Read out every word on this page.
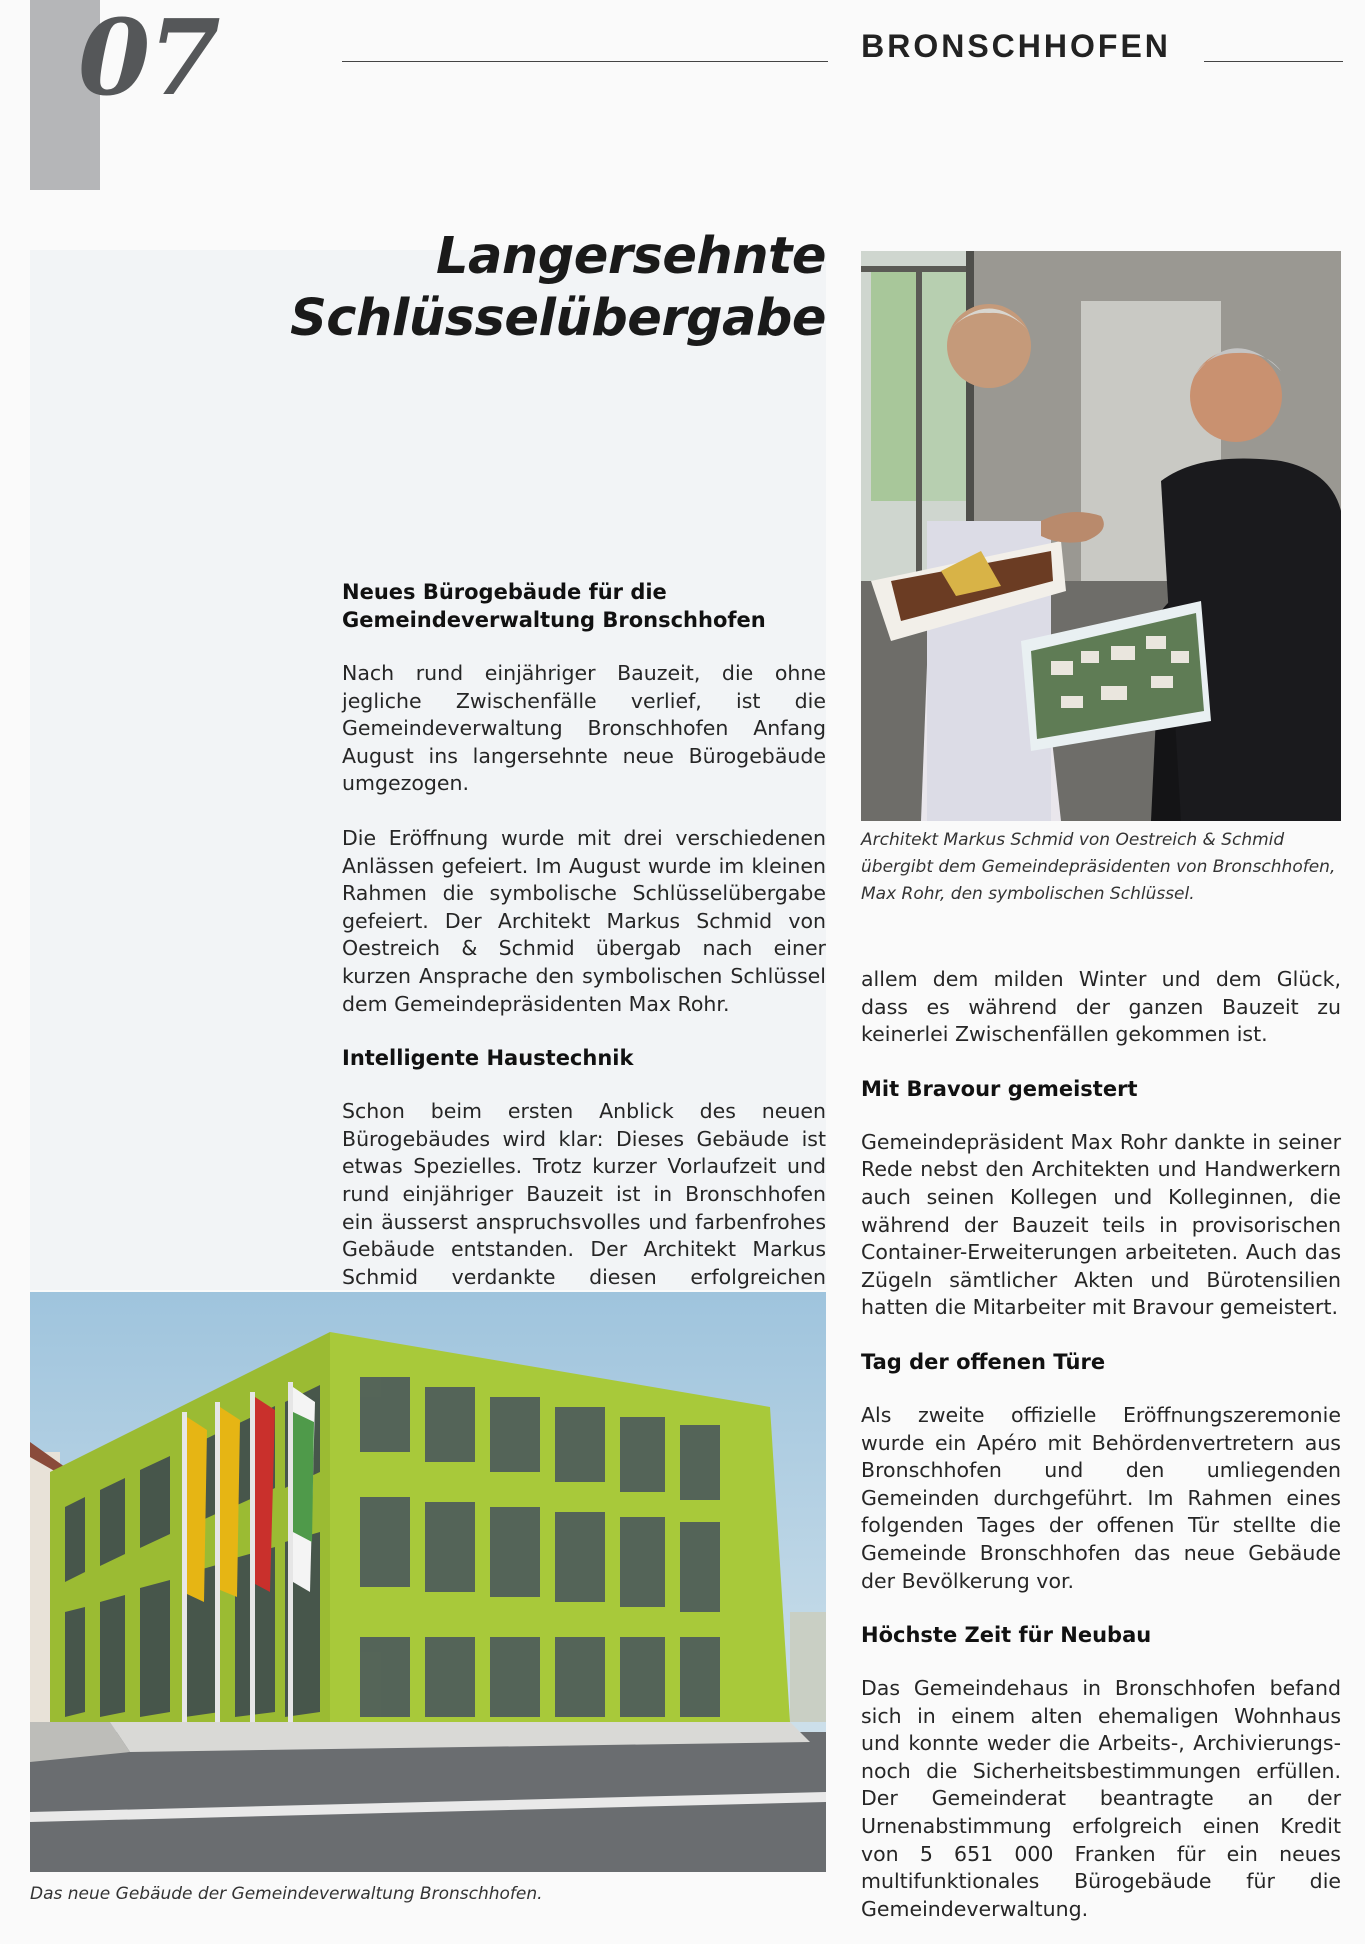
07	BRONSCHHOFEN
Langersehnte
Schlüsselübergabe
Neues Bürogebäude für die
Gemeindeverwaltung Bronschhofen

Nach rund einjähriger Bauzeit, die ohne jegliche Zwischenfälle verlief, ist die Gemeindeverwaltung Bronschhofen Anfang August ins langersehnte neue Bürogebäude umgezogen.

Die Eröffnung wurde mit drei verschiedenen Anlässen gefeiert. Im August wurde im kleinen Rahmen die symbolische Schlüsselübergabe gefeiert. Der Architekt Markus Schmid von Oestreich & Schmid übergab nach einer kurzen Ansprache den symbolischen Schlüssel dem Gemeindepräsidenten Max Rohr.

Intelligente Haustechnik

Schon beim ersten Anblick des neuen Bürogebäudes wird klar: Dieses Gebäude ist etwas Spezielles. Trotz kurzer Vorlaufzeit und rund einjähriger Bauzeit ist in Bronschhofen ein äusserst anspruchsvolles und farbenfrohes Gebäude entstanden. Der Architekt Markus Schmid verdankte diesen erfolgreichen

allem dem milden Winter und dem Glück, dass es während der ganzen Bauzeit zu keinerlei Zwischenfällen gekommen ist.

Mit Bravour gemeistert

Gemeindepräsident Max Rohr dankte in seiner Rede nebst den Architekten und Handwerkern auch seinen Kollegen und Kolleginnen, die während der Bauzeit teils in provisorischen Container-Erweiterungen arbeiteten. Auch das Zügeln sämtlicher Akten und Bürotensilien hatten die Mitarbeiter mit Bravour gemeistert.

Tag der offenen Türe

Als zweite offizielle Eröffnungszeremonie wurde ein Apéro mit Behördenvertretern aus Bronschhofen und den umliegenden Gemeinden durchgeführt. Im Rahmen eines folgenden Tages der offenen Tür stellte die Gemeinde Bronschhofen das neue Gebäude der Bevölkerung vor.

Höchste Zeit für Neubau

Das Gemeindehaus in Bronschhofen befand sich in einem alten ehemaligen Wohnhaus und konnte weder die Arbeits-, Archivierungs- noch die Sicherheitsbestimmungen erfüllen. Der Gemeinderat beantragte an der Urnenabstimmung erfolgreich einen Kredit von 5 651 000 Franken für ein neues multifunktionales Bürogebäude für die Gemeindeverwaltung.

Architekt Markus Schmid von Oestreich & Schmid übergibt dem Gemeindepräsidenten von Bronschhofen, Max Rohr, den symbolischen Schlüssel.
Das neue Gebäude der Gemeindeverwaltung Bronschhofen.
